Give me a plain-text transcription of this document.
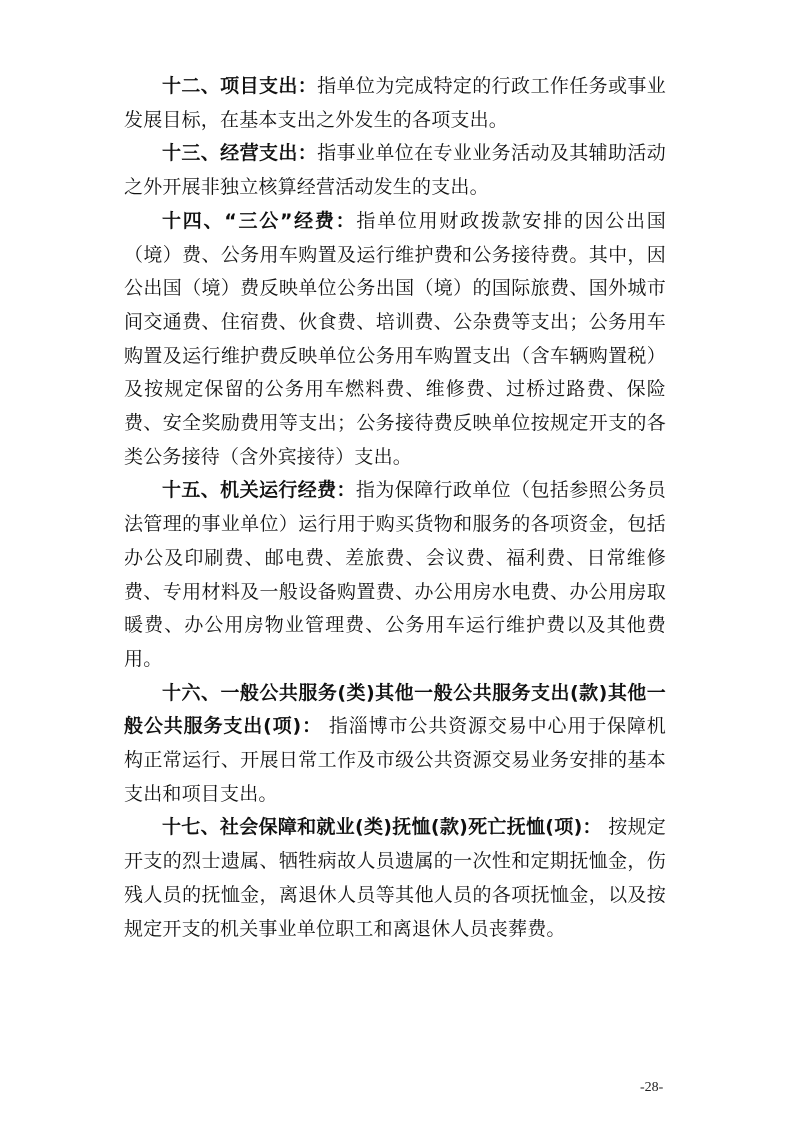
十二、项目支出：指单位为完成特定的行政工作任务或事业发展目标，在基本支出之外发生的各项支出。

十三、经营支出：指事业单位在专业业务活动及其辅助活动之外开展非独立核算经营活动发生的支出。

十四、“三公”经费：指单位用财政拨款安排的因公出国（境）费、公务用车购置及运行维护费和公务接待费。其中，因公出国（境）费反映单位公务出国（境）的国际旅费、国外城市间交通费、住宿费、伙食费、培训费、公杂费等支出；公务用车购置及运行维护费反映单位公务用车购置支出（含车辆购置税）及按规定保留的公务用车燃料费、维修费、过桥过路费、保险费、安全奖励费用等支出；公务接待费反映单位按规定开支的各类公务接待（含外宾接待）支出。

十五、机关运行经费：指为保障行政单位（包括参照公务员法管理的事业单位）运行用于购买货物和服务的各项资金，包括办公及印刷费、邮电费、差旅费、会议费、福利费、日常维修费、专用材料及一般设备购置费、办公用房水电费、办公用房取暖费、办公用房物业管理费、公务用车运行维护费以及其他费用。

十六、一般公共服务(类)其他一般公共服务支出(款)其他一般公共服务支出(项)： 指淄博市公共资源交易中心用于保障机构正常运行、开展日常工作及市级公共资源交易业务安排的基本支出和项目支出。

十七、社会保障和就业(类)抚恤(款)死亡抚恤(项)： 按规定开支的烈士遗属、牺牲病故人员遗属的一次性和定期抚恤金，伤残人员的抚恤金，离退休人员等其他人员的各项抚恤金，以及按规定开支的机关事业单位职工和离退休人员丧葬费。

-28-
